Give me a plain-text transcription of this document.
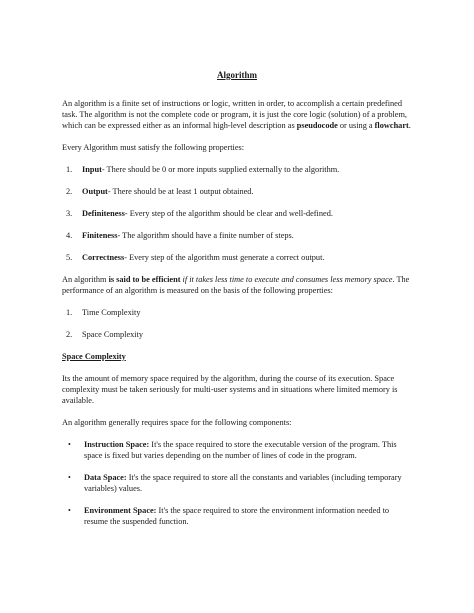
Algorithm

An algorithm is a finite set of instructions or logic, written in order, to accomplish a certain predefined task. The algorithm is not the complete code or program, it is just the core logic (solution) of a problem, which can be expressed either as an informal high-level description as pseudocode or using a flowchart.

Every Algorithm must satisfy the following properties:

1. Input- There should be 0 or more inputs supplied externally to the algorithm.
2. Output- There should be at least 1 output obtained.
3. Definiteness- Every step of the algorithm should be clear and well-defined.
4. Finiteness- The algorithm should have a finite number of steps.
5. Correctness- Every step of the algorithm must generate a correct output.

An algorithm is said to be efficient if it takes less time to execute and consumes less memory space. The performance of an algorithm is measured on the basis of the following properties:

1. Time Complexity
2. Space Complexity
Space Complexity

Its the amount of memory space required by the algorithm, during the course of its execution. Space complexity must be taken seriously for multi-user systems and in situations where limited memory is available.

An algorithm generally requires space for the following components:

• Instruction Space: It's the space required to store the executable version of the program. This space is fixed but varies depending on the number of lines of code in the program.
• Data Space: It's the space required to store all the constants and variables (including temporary variables) values.
• Environment Space: It's the space required to store the environment information needed to resume the suspended function.
